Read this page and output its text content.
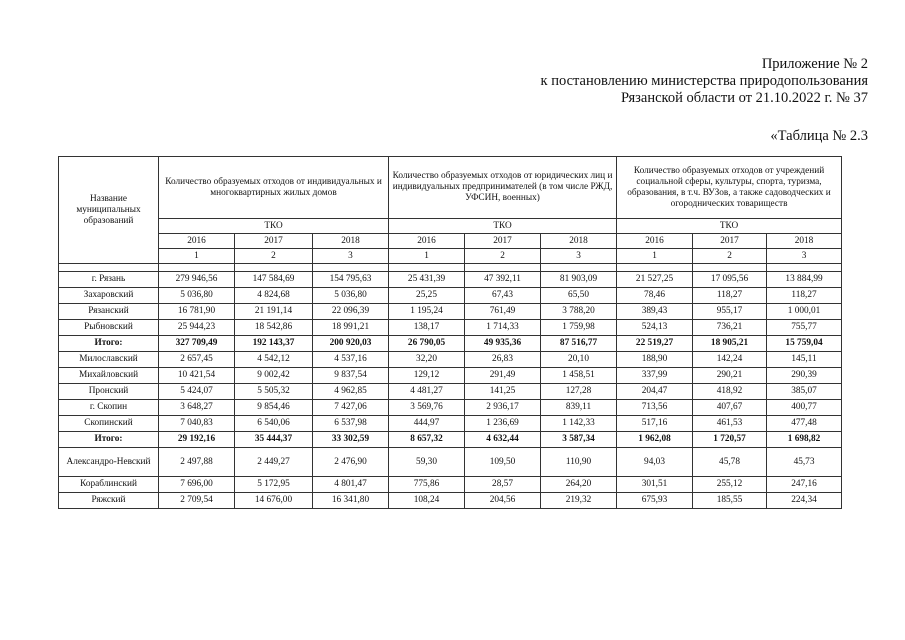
Приложение № 2
к постановлению министерства природопользования
Рязанской области от 21.10.2022 г. № 37
«Таблица № 2.3
Название муниципальных образований	Количество образуемых отходов от индивидуальных и многоквартирных жилых домов			Количество образуемых отходов от юридических лиц и индивидуальных предпринимателей (в том числе РЖД, УФСИН, военных)			Количество образуемых отходов от учреждений социальной сферы, культуры, спорта, туризма, образования, в т.ч. ВУЗов, а также садоводческих и огороднических товариществ		
	ТКО			ТКО			ТКО		
	2016	2017	2018	2016	2017	2018	2016	2017	2018
	1	2	3	1	2	3	1	2	3

г. Рязань	279 946,56	147 584,69	154 795,63	25 431,39	47 392,11	81 903,09	21 527,25	17 095,56	13 884,99
Захаровский	5 036,80	4 824,68	5 036,80	25,25	67,43	65,50	78,46	118,27	118,27
Рязанский	16 781,90	21 191,14	22 096,39	1 195,24	761,49	3 788,20	389,43	955,17	1 000,01
Рыбновский	25 944,23	18 542,86	18 991,21	138,17	1 714,33	1 759,98	524,13	736,21	755,77
Итого:	327 709,49	192 143,37	200 920,03	26 790,05	49 935,36	87 516,77	22 519,27	18 905,21	15 759,04
Милославский	2 657,45	4 542,12	4 537,16	32,20	26,83	20,10	188,90	142,24	145,11
Михайловский	10 421,54	9 002,42	9 837,54	129,12	291,49	1 458,51	337,99	290,21	290,39
Пронский	5 424,07	5 505,32	4 962,85	4 481,27	141,25	127,28	204,47	418,92	385,07
г. Скопин	3 648,27	9 854,46	7 427,06	3 569,76	2 936,17	839,11	713,56	407,67	400,77
Скопинский	7 040,83	6 540,06	6 537,98	444,97	1 236,69	1 142,33	517,16	461,53	477,48
Итого:	29 192,16	35 444,37	33 302,59	8 657,32	4 632,44	3 587,34	1 962,08	1 720,57	1 698,82
Александро-Невский	2 497,88	2 449,27	2 476,90	59,30	109,50	110,90	94,03	45,78	45,73
Кораблинский	7 696,00	5 172,95	4 801,47	775,86	28,57	264,20	301,51	255,12	247,16
Ряжский	2 709,54	14 676,00	16 341,80	108,24	204,56	219,32	675,93	185,55	224,34
